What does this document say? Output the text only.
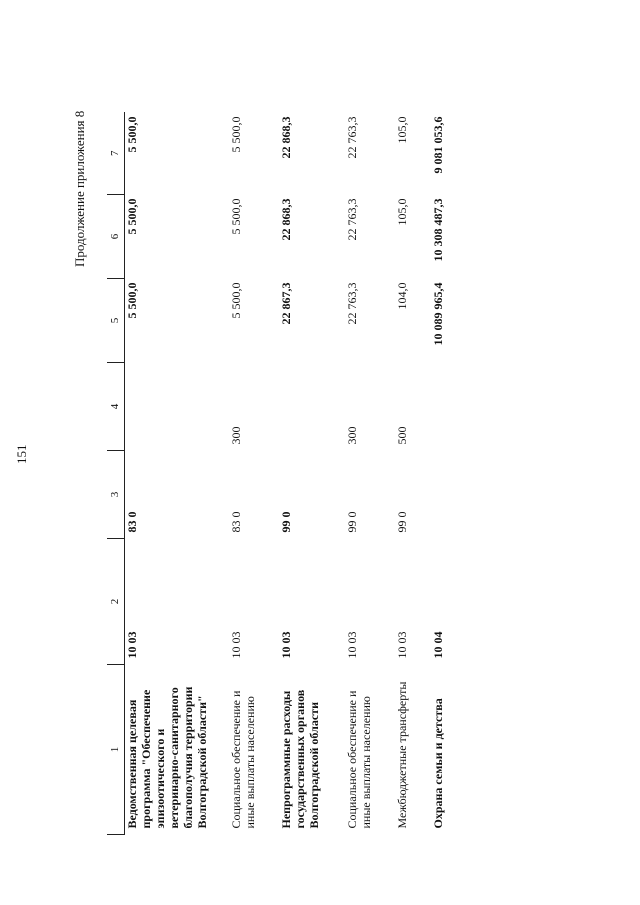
151
Продолжение приложения 8
1	2	3	4	5	6	7
Ведомственная целевая программа "Обеспечение эпизоотического и ветеринарно-санитарного благополучия территории Волгоградской области"	10 03	83 0		5 500,0	5 500,0	5 500,0
Социальное обеспечение и иные выплаты населению	10 03	83 0	300	5 500,0	5 500,0	5 500,0
Непрограммные расходы государственных органов Волгоградской области	10 03	99 0		22 867,3	22 868,3	22 868,3
Социальное обеспечение и иные выплаты населению	10 03	99 0	300	22 763,3	22 763,3	22 763,3
Межбюджетные трансферты	10 03	99 0	500	104,0	105,0	105,0
Охрана семьи и детства	10 04			10 089 965,4	10 308 487,3	9 081 053,6
